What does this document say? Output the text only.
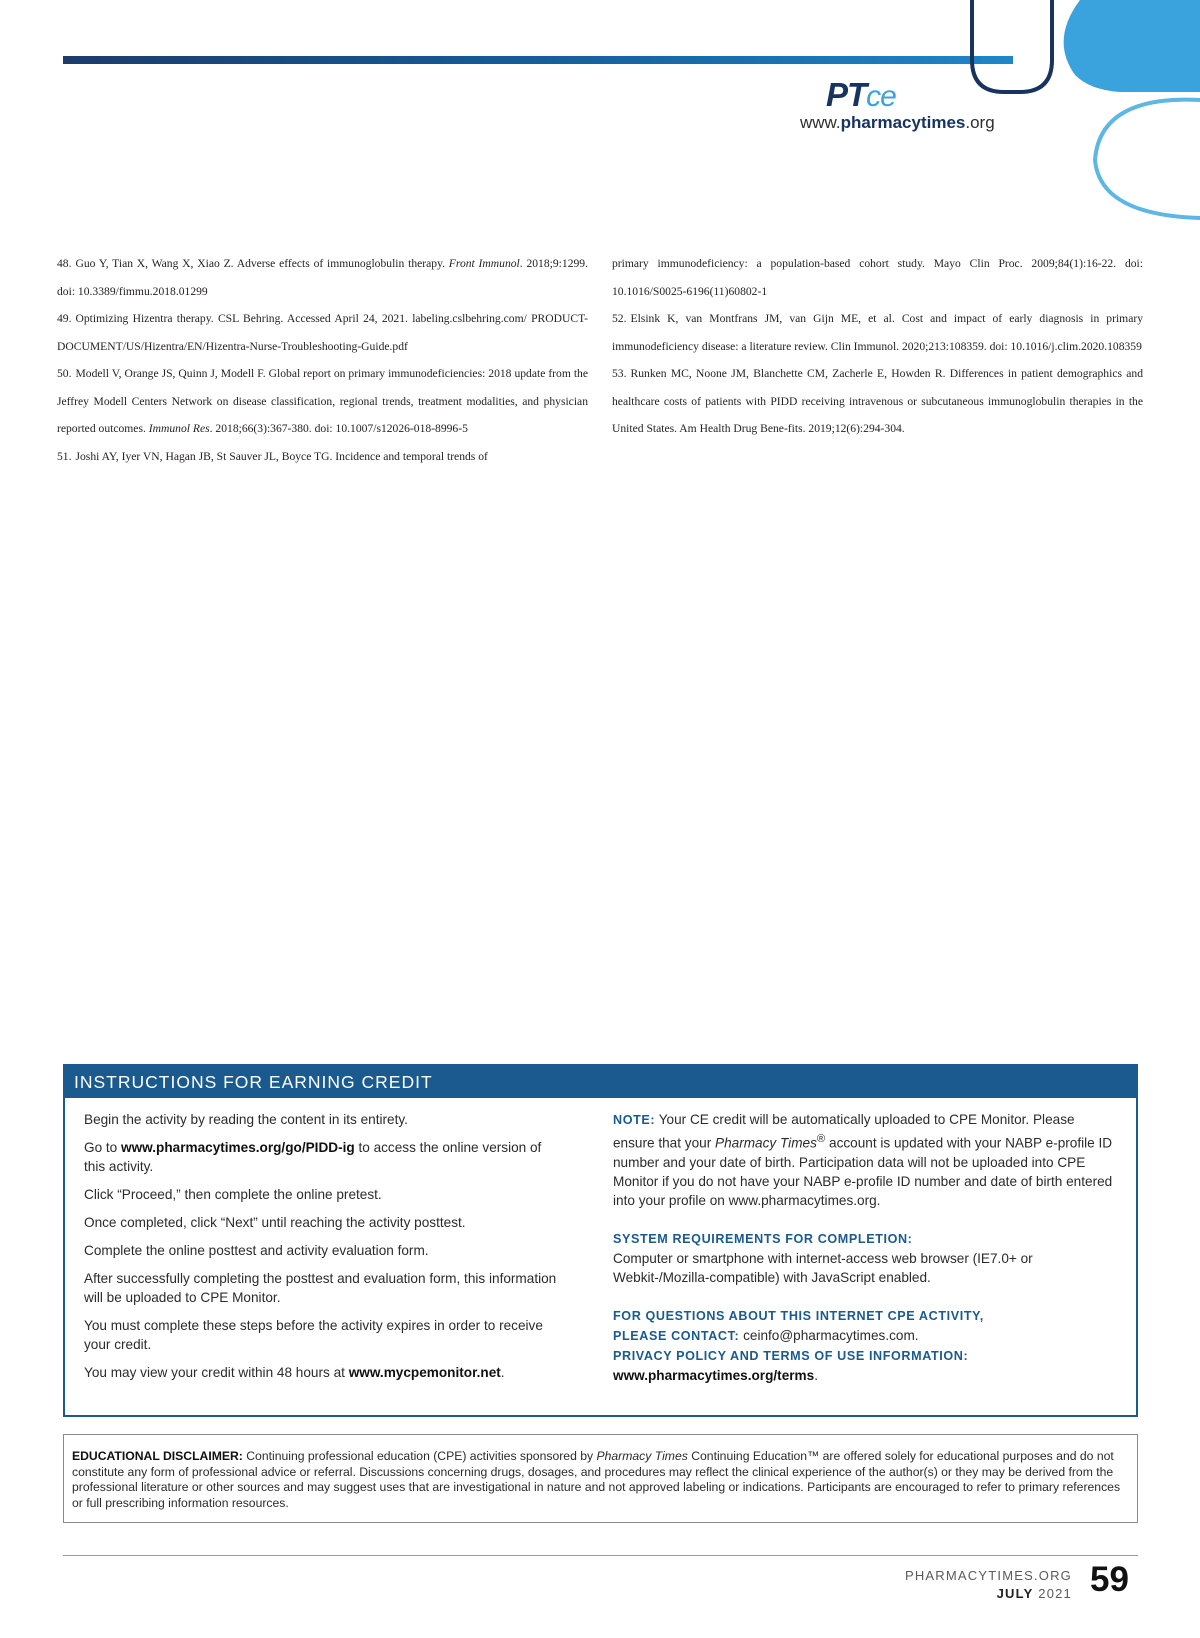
PTce
www.pharmacytimes.org

48. Guo Y, Tian X, Wang X, Xiao Z. Adverse effects of immunoglobulin therapy. Front Immunol. 2018;9:1299. doi: 10.3389/fimmu.2018.01299

49. Optimizing Hizentra therapy. CSL Behring. Accessed April 24, 2021. labeling.cslbehring.com/ PRODUCT-DOCUMENT/US/Hizentra/EN/Hizentra-Nurse-Troubleshooting-Guide.pdf

50. Modell V, Orange JS, Quinn J, Modell F. Global report on primary immunodeficiencies: 2018 update from the Jeffrey Modell Centers Network on disease classification, regional trends, treatment modalities, and physician reported outcomes. Immunol Res. 2018;66(3):367-380. doi: 10.1007/s12026-018-8996-5

51. Joshi AY, Iyer VN, Hagan JB, St Sauver JL, Boyce TG. Incidence and temporal trends of

primary immunodeficiency: a population-based cohort study. Mayo Clin Proc. 2009;84(1):16-22. doi: 10.1016/S0025-6196(11)60802-1

52. Elsink K, van Montfrans JM, van Gijn ME, et al. Cost and impact of early diagnosis in primary immunodeficiency disease: a literature review. Clin Immunol. 2020;213:108359. doi: 10.1016/j.clim.2020.108359

53. Runken MC, Noone JM, Blanchette CM, Zacherle E, Howden R. Differences in patient demographics and healthcare costs of patients with PIDD receiving intravenous or subcutaneous immunoglobulin therapies in the United States. Am Health Drug Bene-fits. 2019;12(6):294-304.

INSTRUCTIONS FOR EARNING CREDIT

Begin the activity by reading the content in its entirety.

Go to www.pharmacytimes.org/go/PIDD-ig to access the online version of this activity.

Click “Proceed,” then complete the online pretest.

Once completed, click “Next” until reaching the activity posttest.

Complete the online posttest and activity evaluation form.

After successfully completing the posttest and evaluation form, this information will be uploaded to CPE Monitor.

You must complete these steps before the activity expires in order to receive your credit.

You may view your credit within 48 hours at www.mycpemonitor.net.

NOTE: Your CE credit will be automatically uploaded to CPE Monitor. Please ensure that your Pharmacy Times® account is updated with your NABP e-profile ID number and your date of birth. Participation data will not be uploaded into CPE Monitor if you do not have your NABP e-profile ID number and date of birth entered into your profile on www.pharmacytimes.org.

SYSTEM REQUIREMENTS FOR COMPLETION:
Computer or smartphone with internet-access web browser (IE7.0+ or Webkit-/Mozilla-compatible) with JavaScript enabled.

FOR QUESTIONS ABOUT THIS INTERNET CPE ACTIVITY,
PLEASE CONTACT: ceinfo@pharmacytimes.com.
PRIVACY POLICY AND TERMS OF USE INFORMATION:
www.pharmacytimes.org/terms.

EDUCATIONAL DISCLAIMER: Continuing professional education (CPE) activities sponsored by Pharmacy Times Continuing Education™ are offered solely for educational purposes and do not constitute any form of professional advice or referral. Discussions concerning drugs, dosages, and procedures may reflect the clinical experience of the author(s) or they may be derived from the professional literature or other sources and may suggest uses that are investigational in nature and not approved labeling or indications. Participants are encouraged to refer to primary references or full prescribing information resources.
PHARMACYTIMES.ORG
JULY 2021 59
